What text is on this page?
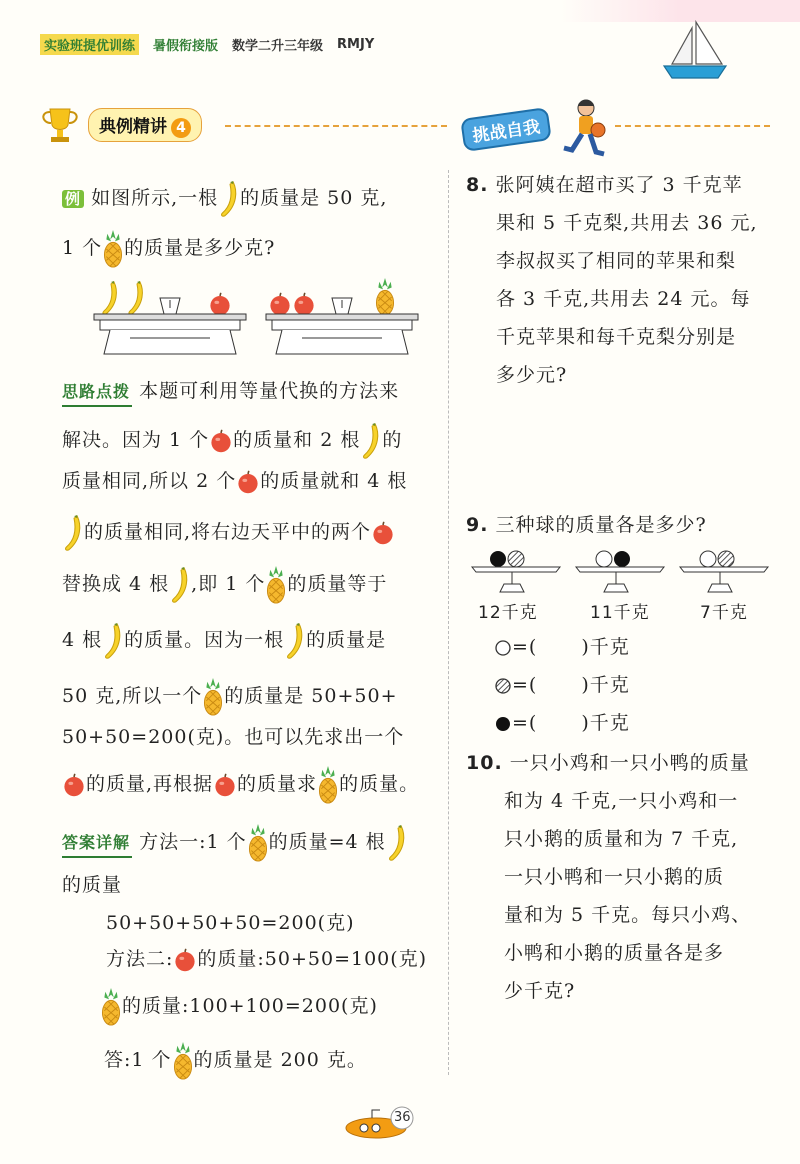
实验班提优训练	暑假衔接版 数学二升三年级 RMJY
典例精讲 4	挑战自我
例 如图所示,一根 的质量是 50 克,
1 个 的质量是多少克?
思路点拨 本题可利用等量代换的方法来
解决。因为 1 个 的质量和 2 根 的
质量相同,所以 2 个 的质量就和 4 根
的质量相同,将右边天平中的两个
替换成 4 根 ,即 1 个 的质量等于
4 根 的质量。因为一根 的质量是
50 克,所以一个 的质量是 50+50+
50+50=200(克)。也可以先求出一个
的质量,再根据 的质量求 的质量。
答案详解 方法一:1 个 的质量=4 根
的质量
50+50+50+50=200(克)
方法二: 的质量:50+50=100(克)
的质量:100+100=200(克)
答:1 个 的质量是 200 克。
8. 张阿姨在超市买了 3 千克苹
果和 5 千克梨,共用去 36 元,
李叔叔买了相同的苹果和梨
各 3 千克,共用去 24 元。每
千克苹果和每千克梨分别是
多少元?
9. 三种球的质量各是多少?
12千克	11千克	7千克
=( )千克
=( )千克
=( )千克
10. 一只小鸡和一只小鸭的质量
和为 4 千克,一只小鸡和一
只小鹅的质量和为 7 千克,
一只小鸭和一只小鹅的质
量和为 5 千克。每只小鸡、
小鸭和小鹅的质量各是多
少千克?
36
